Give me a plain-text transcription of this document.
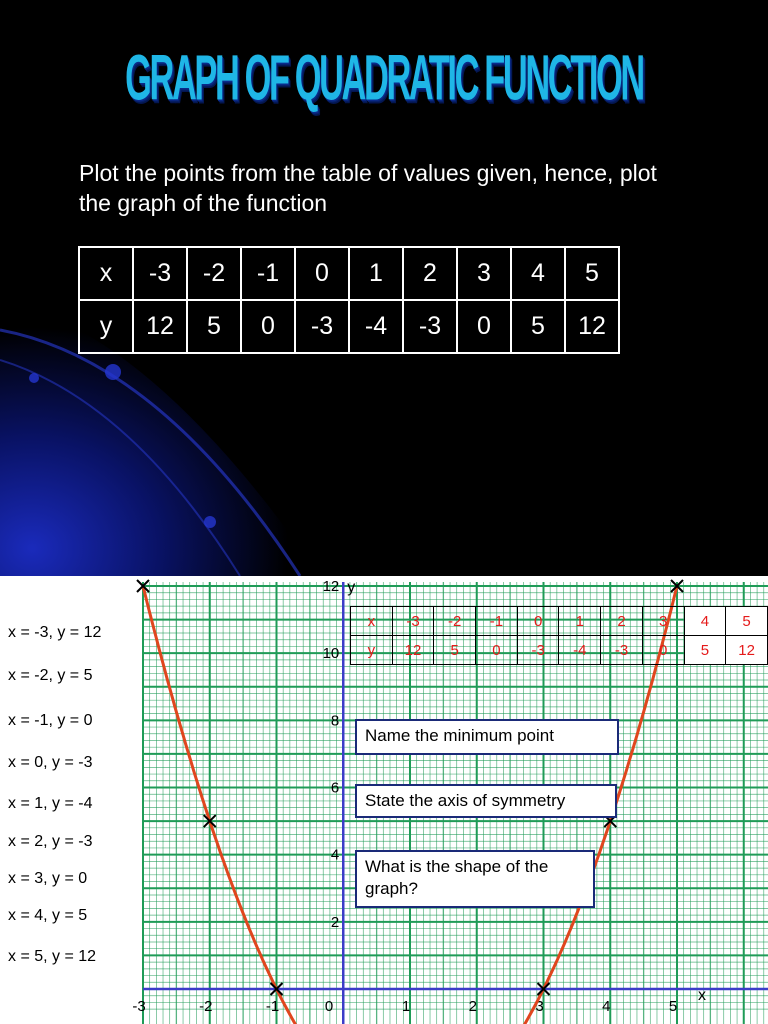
GRAPH OF QUADRATIC FUNCTION

Plot the points from the table of values given, hence, plot the graph of the function

x	-3	-2	-1	0	1	2	3	4	5
y	12	5	0	-3	-4	-3	0	5	12

x = -3, y = 12

x = -2, y = 5

x = -1, y = 0

x = 0, y = -3

x = 1, y = -4

x = 2, y = -3

x = 3, y = 0

x = 4, y = 5

x = 5, y = 12

-3	-2	-1	0	1	2	3	4	5
2
4
6
8
10
12
x
y
x	-3	-2	-1	0	1	2	3	4	5
y	12	5	0	-3	-4	-3	0	5	12
Name the minimum point
State the axis of symmetry
What is the shape of the graph?
